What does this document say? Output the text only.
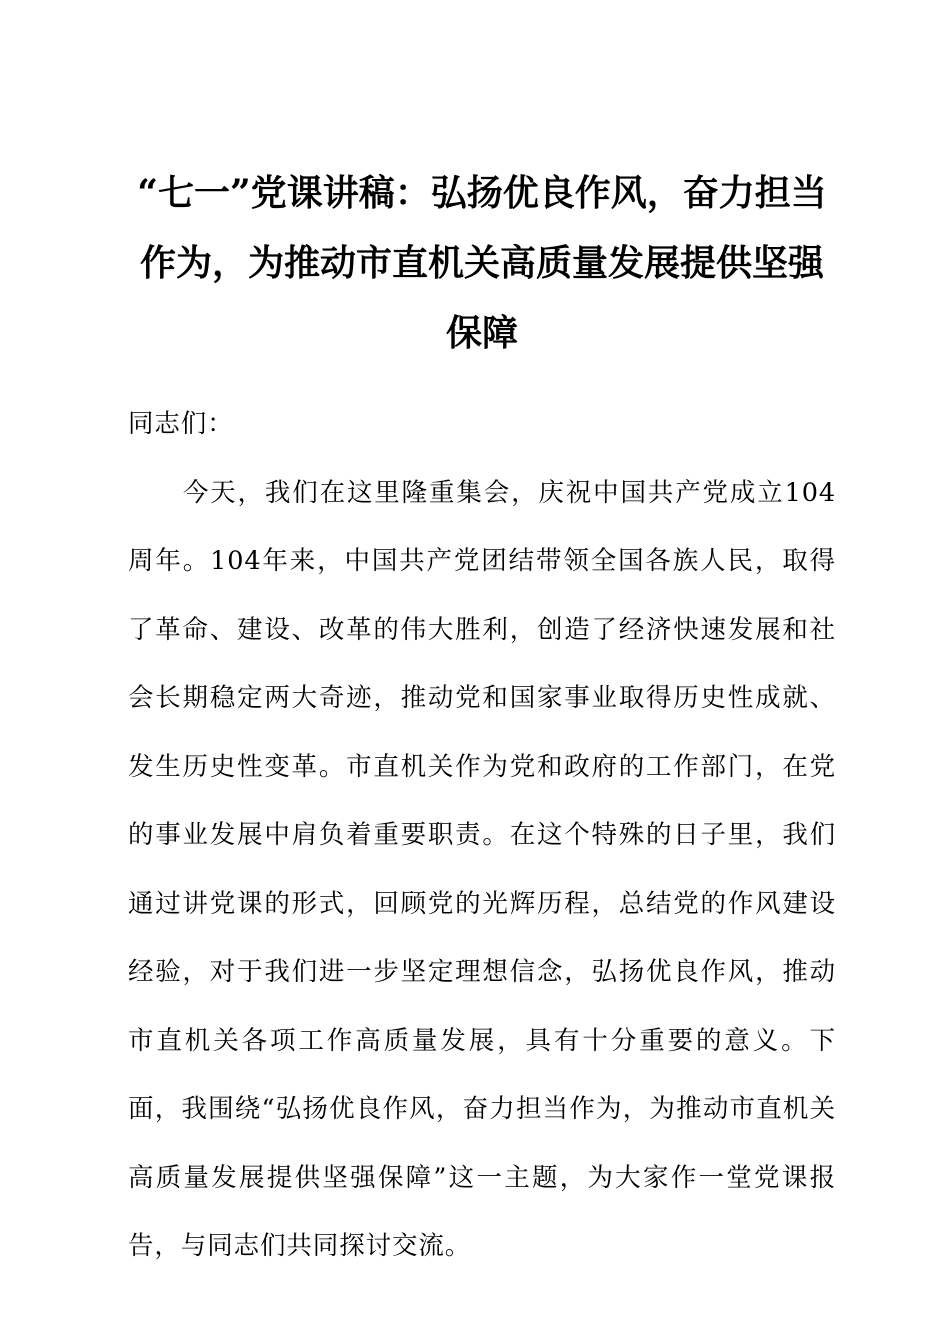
“七一”党课讲稿：弘扬优良作风，奋力担当作为，为推动市直机关高质量发展提供坚强保障

同志们：

今天，我们在这里隆重集会，庆祝中国共产党成立104周年。104年来，中国共产党团结带领全国各族人民，取得了革命、建设、改革的伟大胜利，创造了经济快速发展和社会长期稳定两大奇迹，推动党和国家事业取得历史性成就、发生历史性变革。市直机关作为党和政府的工作部门，在党的事业发展中肩负着重要职责。在这个特殊的日子里，我们通过讲党课的形式，回顾党的光辉历程，总结党的作风建设经验，对于我们进一步坚定理想信念，弘扬优良作风，推动市直机关各项工作高质量发展，具有十分重要的意义。下面，我围绕“弘扬优良作风，奋力担当作为，为推动市直机关高质量发展提供坚强保障”这一主题，为大家作一堂党课报告，与同志们共同探讨交流。
